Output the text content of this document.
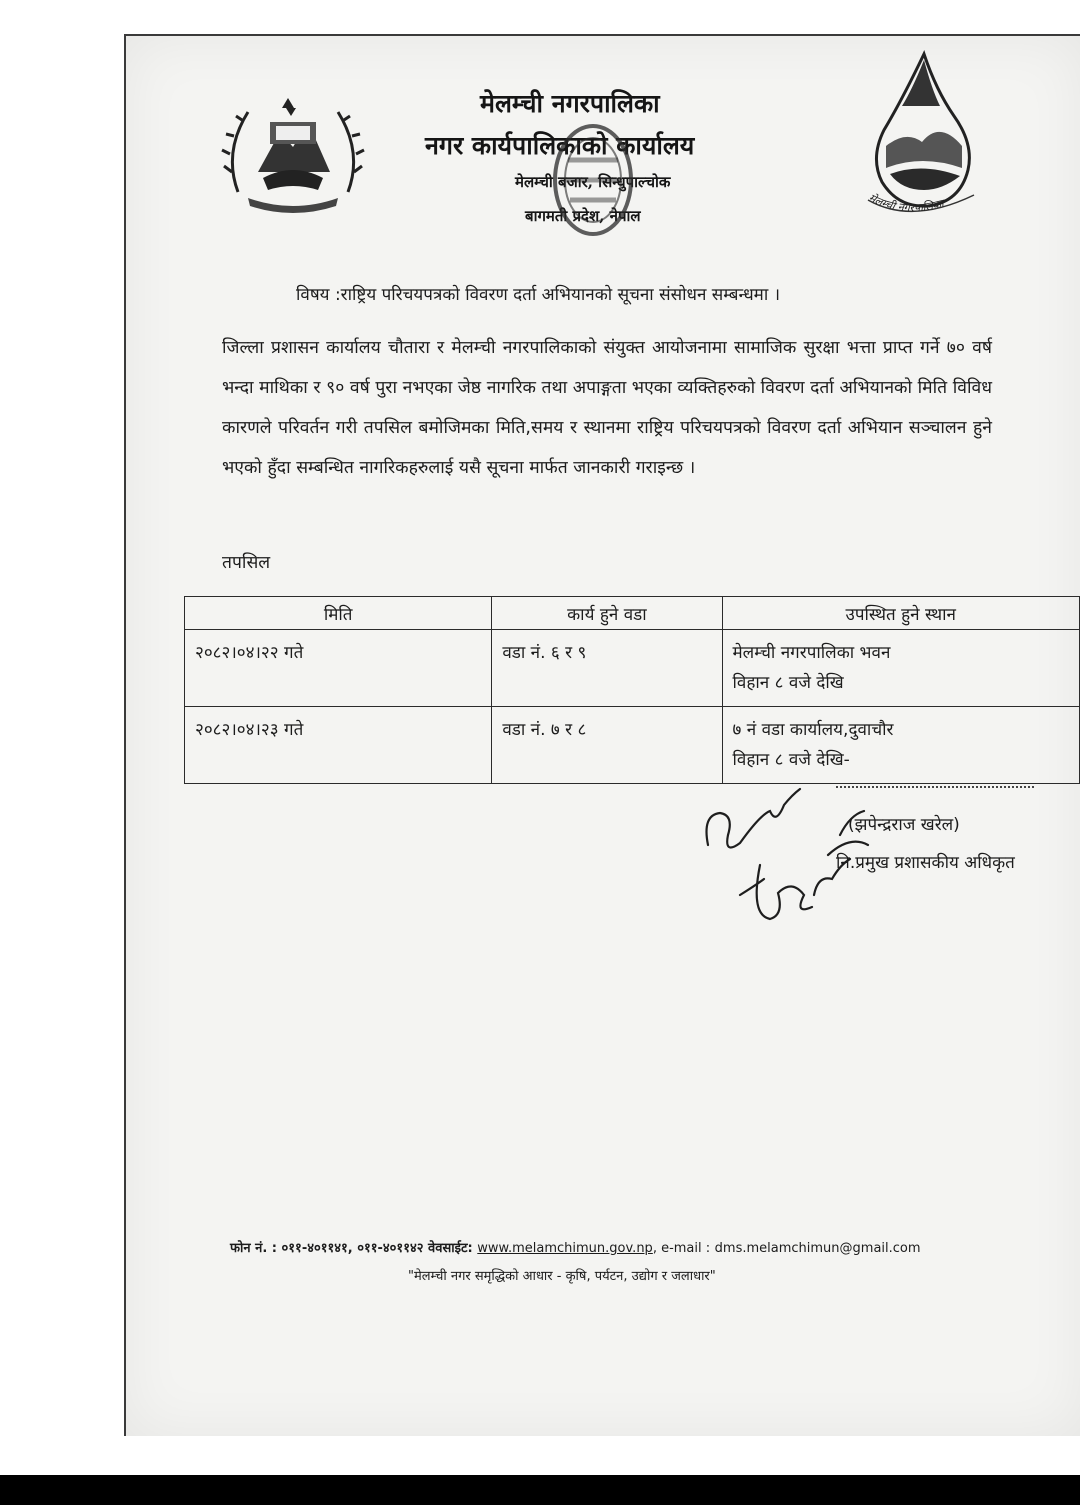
मेलम्ची नगरपालिका
मेलम्ची नगरपालिका
नगर कार्यपालिकाको कार्यालय
मेलम्ची बजार, सिन्धुपाल्चोक
बागमती प्रदेश, नेपाल
विषय :राष्ट्रिय परिचयपत्रको विवरण दर्ता अभियानको सूचना संसोधन सम्बन्धमा ।

जिल्ला प्रशासन कार्यालय चौतारा र मेलम्ची नगरपालिकाको संयुक्त आयोजनामा सामाजिक सुरक्षा भत्ता प्राप्त गर्ने ७० वर्ष भन्दा माथिका र ९० वर्ष पुरा नभएका जेष्ठ नागरिक तथा अपाङ्गता भएका व्यक्तिहरुको विवरण दर्ता अभियानको मिति विविध कारणले परिवर्तन गरी तपसिल बमोजिमका मिति,समय र स्थानमा राष्ट्रिय परिचयपत्रको विवरण दर्ता अभियान सञ्चालन हुने भएको हुँदा सम्बन्धित नागरिकहरुलाई यसै सूचना मार्फत जानकारी गराइन्छ ।

तपसिल
मिति	कार्य हुने वडा	उपस्थित हुने स्थान
२०८२।०४।२२ गते	वडा नं. ६ र ९	मेलम्ची नगरपालिका भवन
विहान ८ वजे देखि

२०८२।०४।२३ गते	वडा नं. ७ र ८	७ नं वडा कार्यालय,दुवाचौर
विहान ८ वजे देखि-
(झपेन्द्रराज खरेल)
नि.प्रमुख प्रशासकीय अधिकृत
फोन नं. : ०११-४०११४१, ०११-४०११४२ वेवसाईट: www.melamchimun.gov.np, e-mail : dms.melamchimun@gmail.com
"मेलम्ची नगर समृद्धिको आधार - कृषि, पर्यटन, उद्योग र जलाधार"
